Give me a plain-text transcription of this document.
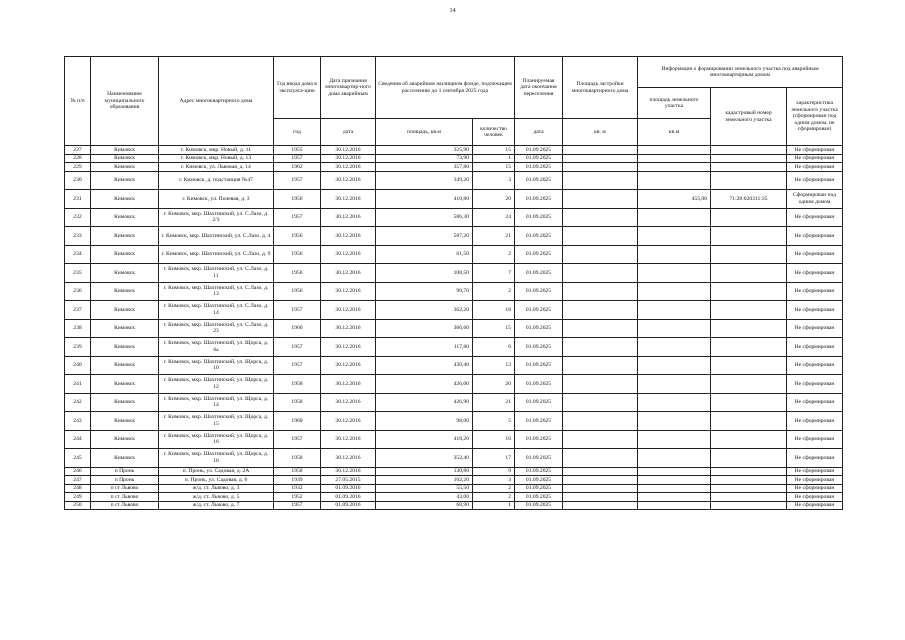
14
№ п/п	Наименование муниципального образования	Адрес многоквартирного дома	Год ввода дома в эксплуата-цию	Дата признания многоквартир-ного дома аварийным	Сведения об аварийном жилищном фонде, подлежащем расселению до 1 сентября 2025 года		Планируемая дата окончания переселения	Площадь застройки многоквартирного дома	Информация о формировании земельного участка под аварийным многоквартирным домом		
									площадь земельного участка	кадастровый номер земельного участка	характеристика земельного участка (сформирован под одним домом, не сформирован)
			год	дата	площадь, кв.м	количество человек	дата	кв. м	кв.м		
227	Кимовск	г. Кимовск, мкр. Новый, д. 11	1955	30.12.2016	325,90	15	01.09.2025				Не сформирован
228	Кимовск	г. Кимовск, мкр. Новый, д. 13	1957	30.12.2016	73,90	1	01.09.2025				Не сформирован
229	Кимовск	г. Кимовск, ул. Львовая, д. 14	1962	30.12.2016	357,80	15	01.09.2025				Не сформирован
230	Кимовск	г. Кимовск, д. подстанция №47	1957	30.12.2016	349,20	3	01.09.2025				Не сформирован
231	Кимовск	г. Кимовск, ул. Полевая, д. 3	1956	30.12.2016	410,80	20	01.09.2025		455,00	71:28:020311:35	Сформирован под одним домом
232	Кимовск	г. Кимовск, мкр. Шахтинский, ул. С.Лазо, д. 2/3	1957	30.12.2016	586,30	24	01.09.2025				Не сформирован
233	Кимовск	г. Кимовск, мкр. Шахтинский, ул. С.Лазо, д. 4	1956	30.12.2016	587,20	21	01.09.2025				Не сформирован
234	Кимовск	г. Кимовск, мкр. Шахтинский, ул. С.Лазо, д. 9	1956	30.12.2016	61,50	2	01.09.2025				Не сформирован
235	Кимовск	г. Кимовск, мкр. Шахтинский, ул. С.Лазо, д. 11	1956	30.12.2016	108,50	7	01.09.2025				Не сформирован
236	Кимовск	г. Кимовск, мкр. Шахтинский, ул. С.Лазо, д. 13	1956	30.12.2016	90,70	2	01.09.2025				Не сформирован
237	Кимовск	г. Кимовск, мкр. Шахтинский, ул. С.Лазо, д. 14	1957	30.12.2016	362,20	18	01.09.2025				Не сформирован
238	Кимовск	г. Кимовск, мкр. Шахтинский, ул. С.Лазо, д. 23	1960	30.12.2016	366,60	15	01.09.2025				Не сформирован
239	Кимовск	г. Кимовск, мкр. Шахтинский, ул. Щорса, д. 6а	1957	30.12.2016	117,80	6	01.09.2025				Не сформирован
240	Кимовск	г. Кимовск, мкр. Шахтинский, ул. Щорса, д. 10	1957	30.12.2016	430,40	13	01.09.2025				Не сформирован
241	Кимовск	г. Кимовск, мкр. Шахтинский, ул. Щорса, д. 12	1958	30.12.2016	426,00	20	01.09.2025				Не сформирован
242	Кимовск	г. Кимовск, мкр. Шахтинский, ул. Щорса, д. 14	1958	30.12.2016	426,90	21	01.09.2025				Не сформирован
243	Кимовск	г. Кимовск, мкр. Шахтинский, ул. Щорса, д. 15	1960	30.12.2016	98,00	5	01.09.2025				Не сформирован
244	Кимовск	г. Кимовск, мкр. Шахтинский, ул. Щорса, д. 16	1957	30.12.2016	418,20	16	01.09.2025				Не сформирован
245	Кимовск	г. Кимовск, мкр. Шахтинский, ул. Щорса, д. 18	1958	30.12.2016	352,40	17	01.09.2025				Не сформирован
246	п Пронь	п. Пронь, ул. Садовая, д. 2А	1958	30.12.2016	130,80	9	01.09.2025				Не сформирован
247	п Пронь	п. Пронь, ул. Садовая, д. 6	1939	27.05.2015	102,20	3	01.09.2025				Не сформирован
248	п ст Львово	ж/д. ст. Львово, д. 3	1932	01.09.2016	55,50	2	01.09.2025				Не сформирован
249	п ст Львово	ж/д. ст. Львово, д. 5	1952	01.09.2016	43,00	2	01.09.2025				Не сформирован
250	п ст Львово	ж/д. ст. Львово, д. 7	1957	01.09.2016	68,90	1	01.09.2025				Не сформирован
